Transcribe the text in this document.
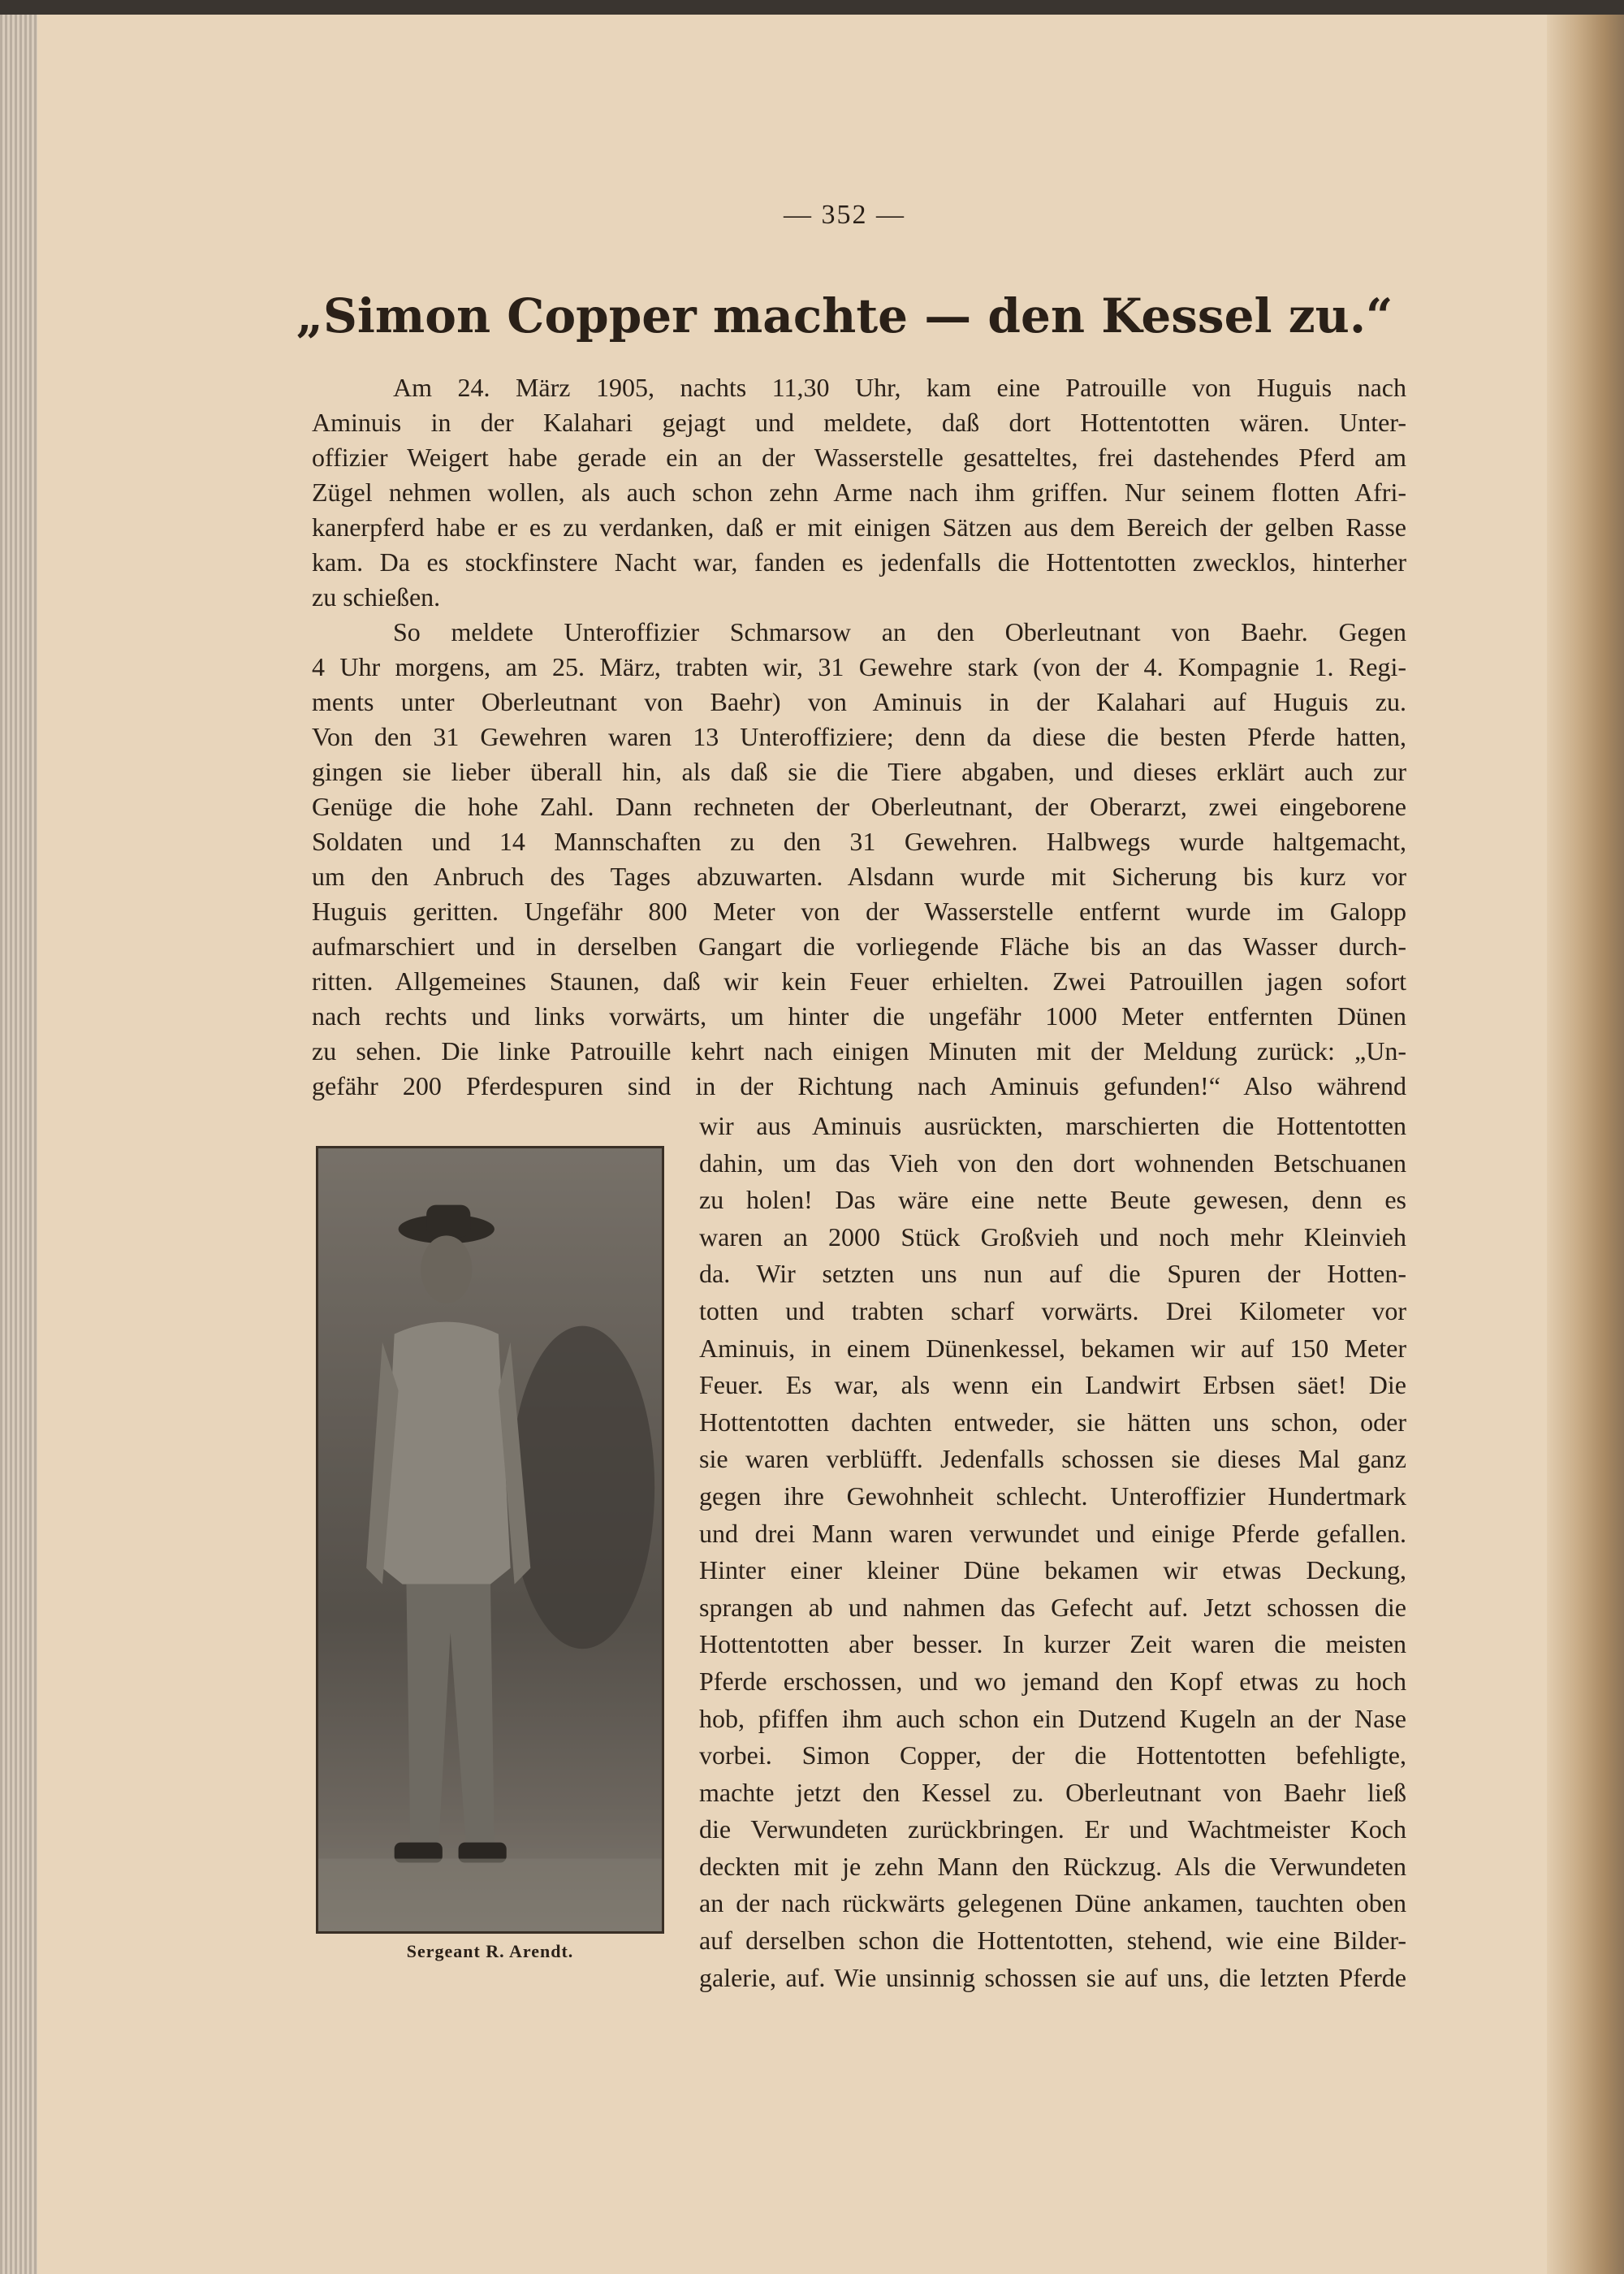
— 352 —
„Simon Copper machte — den Kessel zu.“
Am 24. März 1905, nachts 11,30 Uhr, kam eine Patrouille von Huguis nach
Aminuis in der Kalahari gejagt und meldete, daß dort Hottentotten wären. Unter-
offizier Weigert habe gerade ein an der Wasserstelle gesatteltes, frei dastehendes Pferd am
Zügel nehmen wollen, als auch schon zehn Arme nach ihm griffen. Nur seinem flotten Afri-
kanerpferd habe er es zu verdanken, daß er mit einigen Sätzen aus dem Bereich der gelben Rasse
kam. Da es stockfinstere Nacht war, fanden es jedenfalls die Hottentotten zwecklos, hinterher
zu schießen.
So meldete Unteroffizier Schmarsow an den Oberleutnant von Baehr. Gegen
4 Uhr morgens, am 25. März, trabten wir, 31 Gewehre stark (von der 4. Kompagnie 1. Regi-
ments unter Oberleutnant von Baehr) von Aminuis in der Kalahari auf Huguis zu.
Von den 31 Gewehren waren 13 Unteroffiziere; denn da diese die besten Pferde hatten,
gingen sie lieber überall hin, als daß sie die Tiere abgaben, und dieses erklärt auch zur
Genüge die hohe Zahl. Dann rechneten der Oberleutnant, der Oberarzt, zwei eingeborene
Soldaten und 14 Mannschaften zu den 31 Gewehren. Halbwegs wurde haltgemacht,
um den Anbruch des Tages abzuwarten. Alsdann wurde mit Sicherung bis kurz vor
Huguis geritten. Ungefähr 800 Meter von der Wasserstelle entfernt wurde im Galopp
aufmarschiert und in derselben Gangart die vorliegende Fläche bis an das Wasser durch-
ritten. Allgemeines Staunen, daß wir kein Feuer erhielten. Zwei Patrouillen jagen sofort
nach rechts und links vorwärts, um hinter die ungefähr 1000 Meter entfernten Dünen
zu sehen. Die linke Patrouille kehrt nach einigen Minuten mit der Meldung zurück: „Un-
gefähr 200 Pferdespuren sind in der Richtung nach Aminuis gefunden!“ Also während
Sergeant R. Arendt.
wir aus Aminuis ausrückten, marschierten die Hottentotten
dahin, um das Vieh von den dort wohnenden Betschuanen
zu holen! Das wäre eine nette Beute gewesen, denn es
waren an 2000 Stück Großvieh und noch mehr Kleinvieh
da. Wir setzten uns nun auf die Spuren der Hotten-
totten und trabten scharf vorwärts. Drei Kilometer vor
Aminuis, in einem Dünenkessel, bekamen wir auf 150 Meter
Feuer. Es war, als wenn ein Landwirt Erbsen säet! Die
Hottentotten dachten entweder, sie hätten uns schon, oder
sie waren verblüfft. Jedenfalls schossen sie dieses Mal ganz
gegen ihre Gewohnheit schlecht. Unteroffizier Hundertmark
und drei Mann waren verwundet und einige Pferde gefallen.
Hinter einer kleiner Düne bekamen wir etwas Deckung,
sprangen ab und nahmen das Gefecht auf. Jetzt schossen die
Hottentotten aber besser. In kurzer Zeit waren die meisten
Pferde erschossen, und wo jemand den Kopf etwas zu hoch
hob, pfiffen ihm auch schon ein Dutzend Kugeln an der Nase
vorbei. Simon Copper, der die Hottentotten befehligte,
machte jetzt den Kessel zu. Oberleutnant von Baehr ließ
die Verwundeten zurückbringen. Er und Wachtmeister Koch
deckten mit je zehn Mann den Rückzug. Als die Verwundeten
an der nach rückwärts gelegenen Düne ankamen, tauchten oben
auf derselben schon die Hottentotten, stehend, wie eine Bilder-
galerie, auf. Wie unsinnig schossen sie auf uns, die letzten Pferde
